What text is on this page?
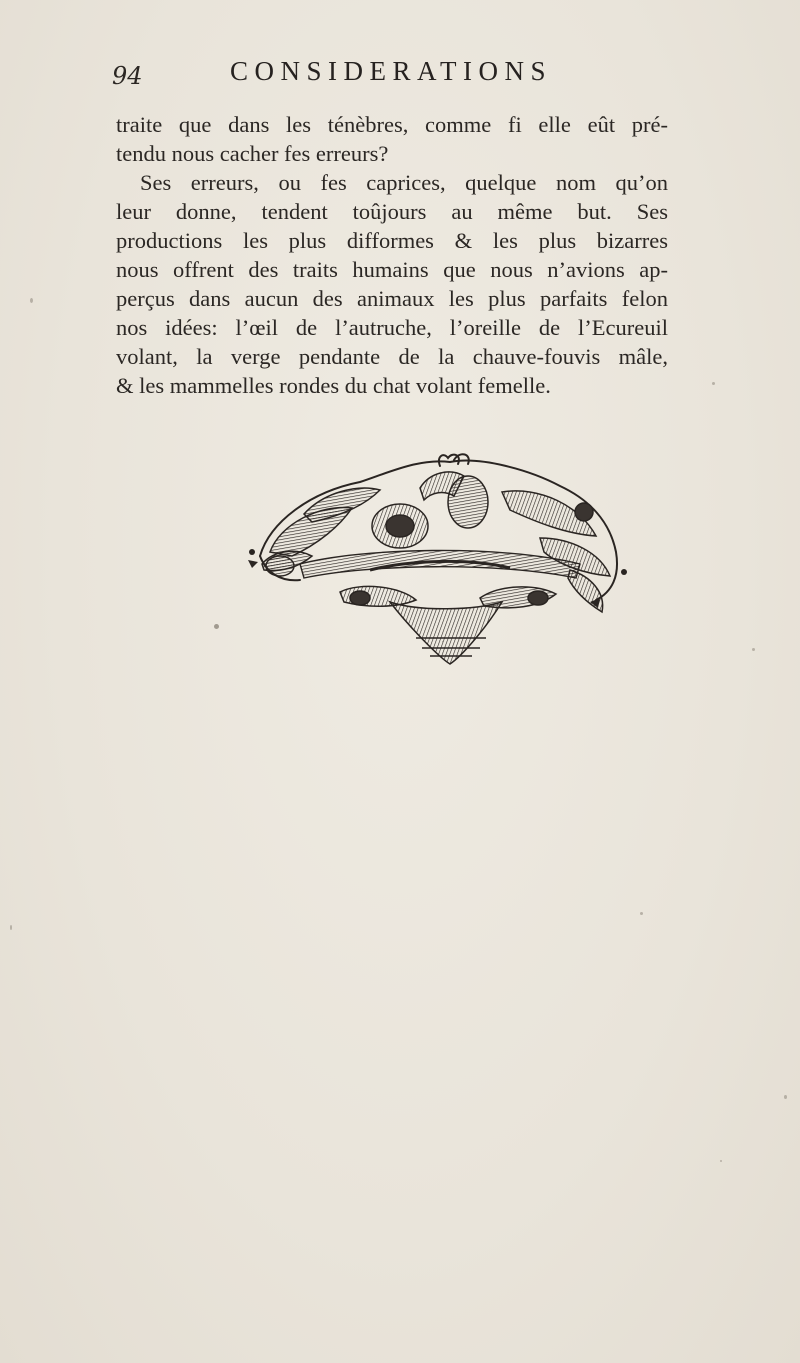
94	CONSIDERATIONS
traite que dans les ténèbres, comme fi elle eût pré-
tendu nous cacher fes erreurs?
Ses erreurs, ou fes caprices, quelque nom qu’on
leur donne, tendent toûjours au même but. Ses
productions les plus difformes & les plus bizarres
nous offrent des traits humains que nous n’avions ap-
perçus dans aucun des animaux les plus parfaits felon
nos idées: l’œil de l’autruche, l’oreille de l’Ecureuil
volant, la verge pendante de la chauve-fouvis mâle,
& les mammelles rondes du chat volant femelle.
